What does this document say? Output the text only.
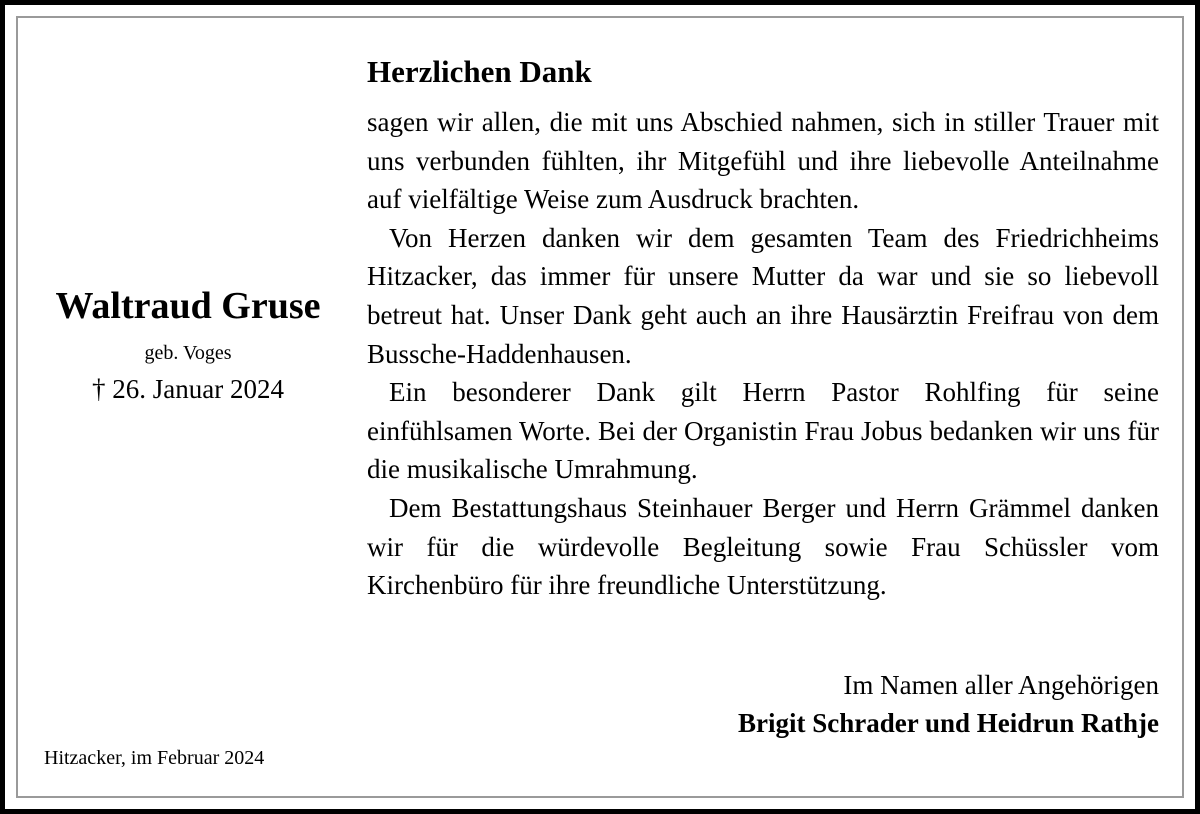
Waltraud Gruse
geb. Voges
† 26. Januar 2024
Hitzacker, im Februar 2024
Herzlichen Dank

sagen wir allen, die mit uns Abschied nahmen, sich in stiller Trauer mit uns verbunden fühlten, ihr Mitgefühl und ihre liebevolle Anteilnahme auf vielfältige Weise zum Ausdruck brachten.

Von Herzen danken wir dem gesamten Team des Friedrichheims Hitzacker, das immer für unsere Mutter da war und sie so liebevoll betreut hat. Unser Dank geht auch an ihre Hausärztin Freifrau von dem Bussche-Haddenhausen.

Ein besonderer Dank gilt Herrn Pastor Rohlfing für seine einfühlsamen Worte. Bei der Organistin Frau Jobus bedanken wir uns für die musikalische Umrahmung.

Dem Bestattungshaus Steinhauer Berger und Herrn Grämmel danken wir für die würdevolle Begleitung sowie Frau Schüssler vom Kirchenbüro für ihre freundliche Unterstützung.

Im Namen aller Angehörigen
Brigit Schrader und Heidrun Rathje
